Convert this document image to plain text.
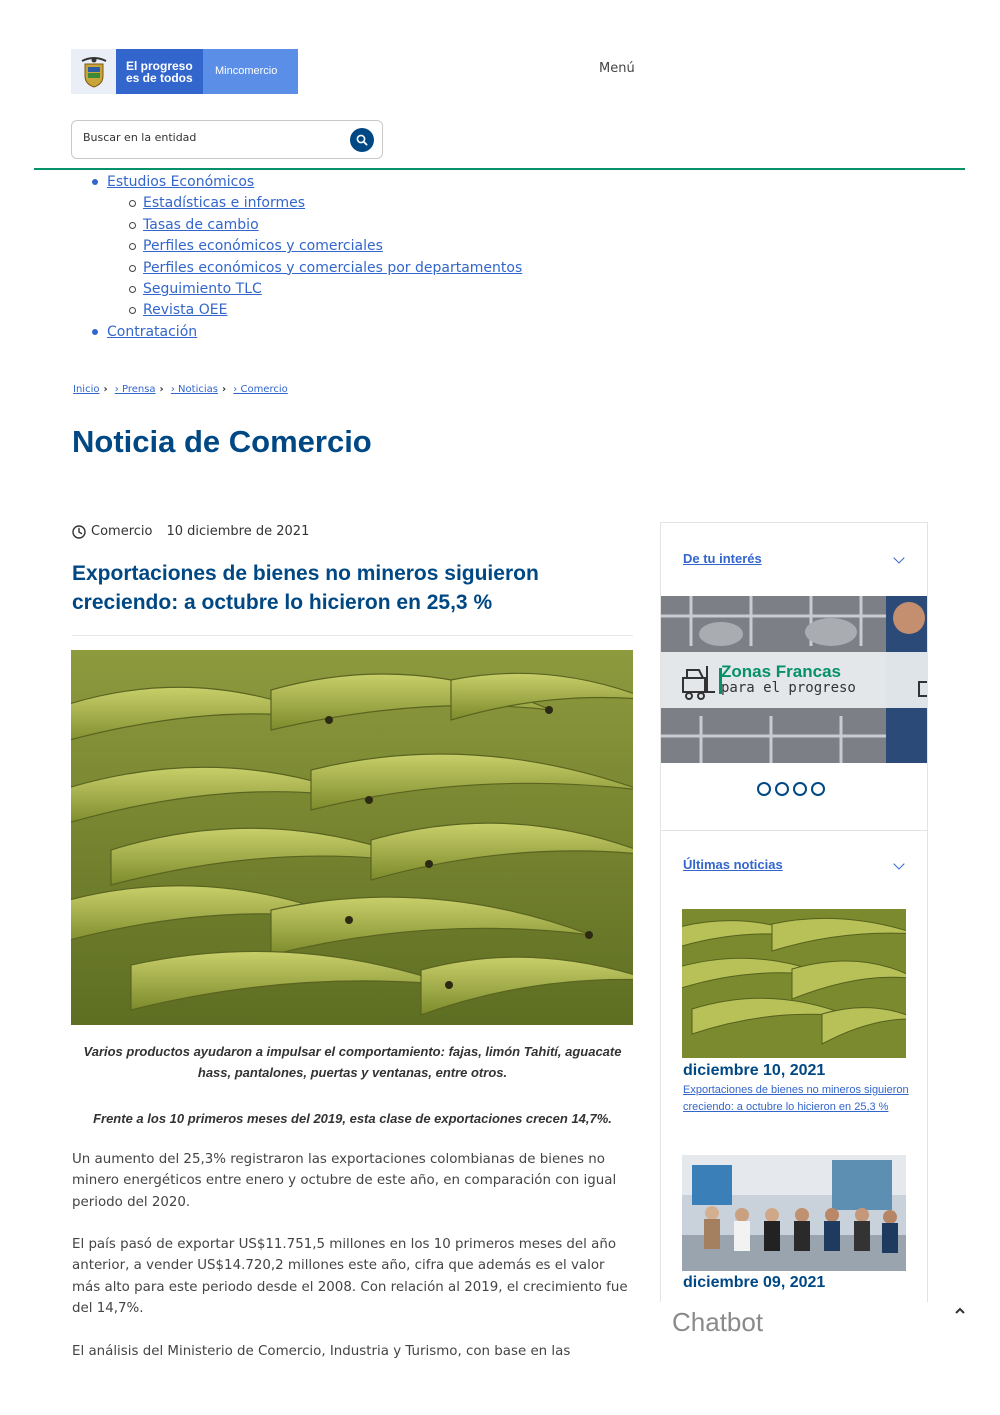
El progreso
es de todos	Mincomercio	Menú
Buscar en la entidad
Estudios Económicos
Estadísticas e informes
Tasas de cambio
Perfiles económicos y comerciales
Perfiles económicos y comerciales por departamentos
Seguimiento TLC
Revista OEE
Contratación
Inicio › › Prensa › › Noticias › › Comercio
Noticia de Comercio
Comercio 10 diciembre de 2021
Exportaciones de bienes no mineros siguieron creciendo: a octubre lo hicieron en 25,3 %

Varios productos ayudaron a impulsar el comportamiento: fajas, limón Tahití, aguacate hass, pantalones, puertas y ventanas, entre otros.

Frente a los 10 primeros meses del 2019, esta clase de exportaciones crecen 14,7%.

Un aumento del 25,3% registraron las exportaciones colombianas de bienes no minero energéticos entre enero y octubre de este año, en comparación con igual periodo del 2020.

El país pasó de exportar US$11.751,5 millones en los 10 primeros meses del año anterior, a vender US$14.720,2 millones este año, cifra que además es el valor más alto para este periodo desde el 2008. Con relación al 2019, el crecimiento fue del 14,7%.

El análisis del Ministerio de Comercio, Industria y Turismo, con base en las

De tu interés
Zonas Francas
para el progreso
Últimas noticias
diciembre 10, 2021
Exportaciones de bienes no mineros siguieron creciendo: a octubre lo hicieron en 25,3 %
diciembre 09, 2021
Chatbot
